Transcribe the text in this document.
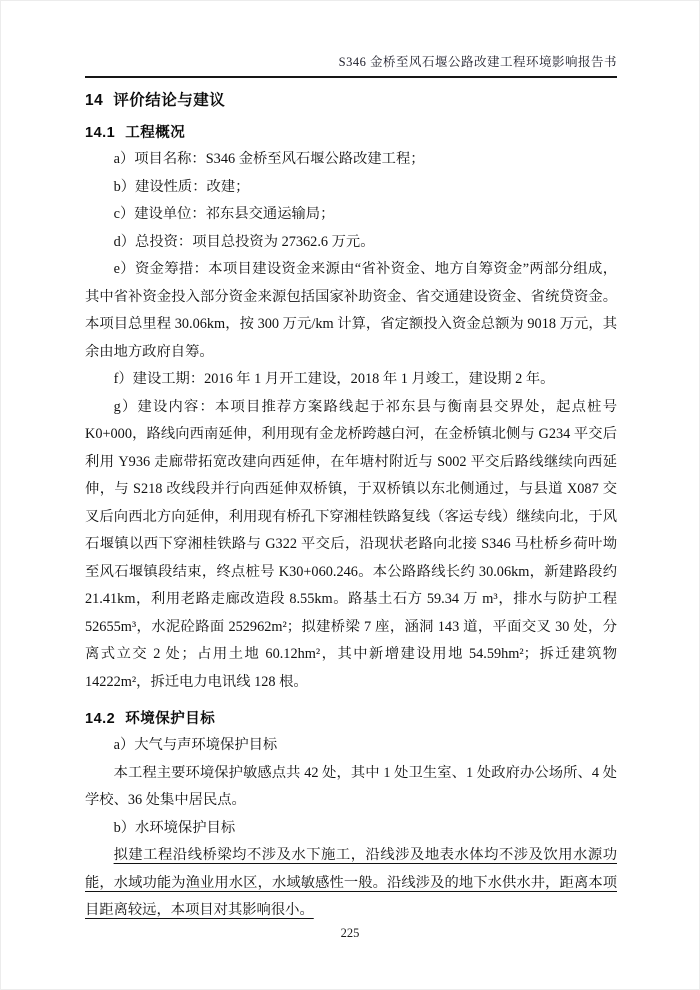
S346 金桥至风石堰公路改建工程环境影响报告书
14 评价结论与建议
14.1 工程概况

a）项目名称：S346 金桥至风石堰公路改建工程；

b）建设性质：改建；

c）建设单位：祁东县交通运输局；

d）总投资：项目总投资为 27362.6 万元。

e）资金筹措：本项目建设资金来源由“省补资金、地方自筹资金”两部分组成，其中省补资金投入部分资金来源包括国家补助资金、省交通建设资金、省统贷资金。本项目总里程 30.06km，按 300 万元/km 计算，省定额投入资金总额为 9018 万元，其余由地方政府自筹。

f）建设工期：2016 年 1 月开工建设，2018 年 1 月竣工，建设期 2 年。

g）建设内容：本项目推荐方案路线起于祁东县与衡南县交界处，起点桩号 K0+000，路线向西南延伸，利用现有金龙桥跨越白河，在金桥镇北侧与 G234 平交后利用 Y936 走廊带拓宽改建向西延伸，在年塘村附近与 S002 平交后路线继续向西延伸，与 S218 改线段并行向西延伸双桥镇，于双桥镇以东北侧通过，与县道 X087 交叉后向西北方向延伸，利用现有桥孔下穿湘桂铁路复线（客运专线）继续向北，于风石堰镇以西下穿湘桂铁路与 G322 平交后，沿现状老路向北接 S346 马杜桥乡荷叶坳至风石堰镇段结束，终点桩号 K30+060.246。本公路路线长约 30.06km，新建路段约 21.41km，利用老路走廊改造段 8.55km。路基土石方 59.34 万 m³，排水与防护工程 52655m³，水泥砼路面 252962m²；拟建桥梁 7 座，涵洞 143 道，平面交叉 30 处，分离式立交 2 处；占用土地 60.12hm²，其中新增建设用地 54.59hm²；拆迁建筑物 14222m²，拆迁电力电讯线 128 根。

14.2 环境保护目标

a）大气与声环境保护目标

本工程主要环境保护敏感点共 42 处，其中 1 处卫生室、1 处政府办公场所、4 处学校、36 处集中居民点。

b）水环境保护目标

拟建工程沿线桥梁均不涉及水下施工，沿线涉及地表水体均不涉及饮用水源功能，水域功能为渔业用水区，水域敏感性一般。沿线涉及的地下水供水井，距离本项目距离较远，本项目对其影响很小。

225
